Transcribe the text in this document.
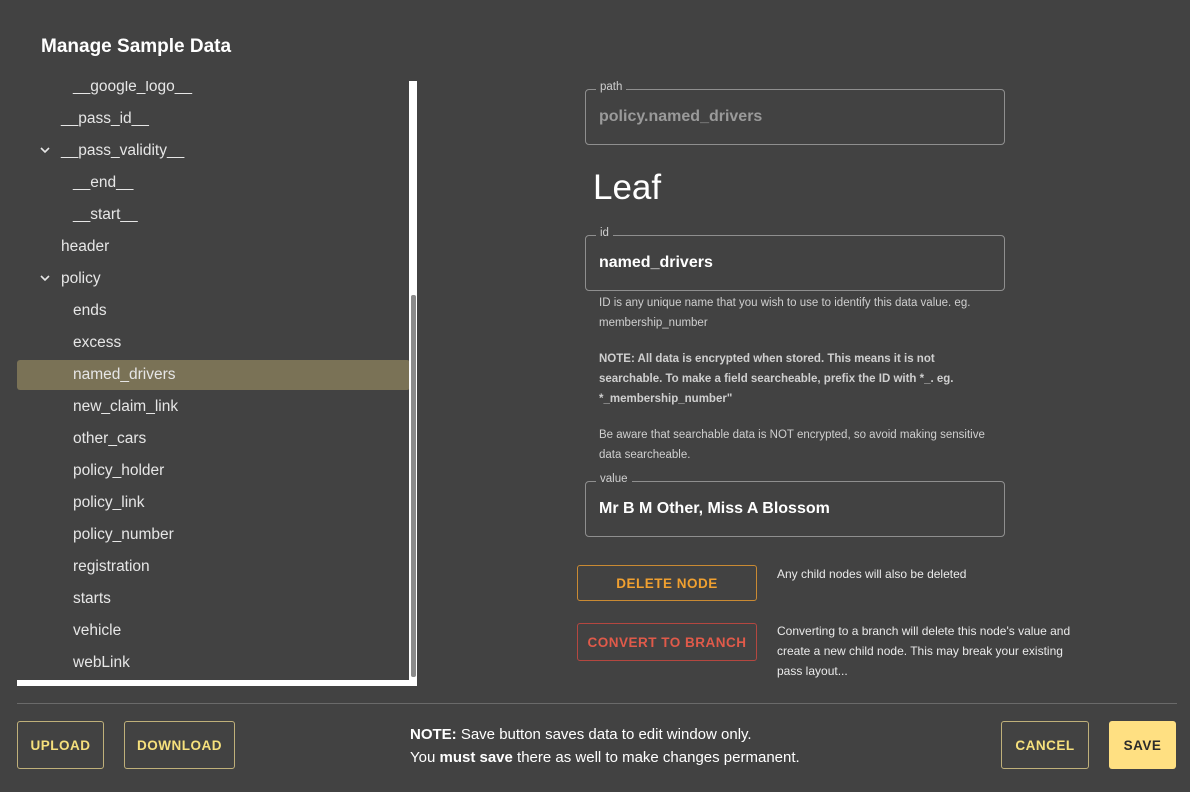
Manage Sample Data
__google_logo__
__pass_id__
__pass_validity__
__end__
__start__
header
policy
ends
excess
named_drivers
new_claim_link
other_cars
policy_holder
policy_link
policy_number
registration
starts
vehicle
webLink
path
policy.named_drivers
Leaf
id
named_drivers
ID is any unique name that you wish to use to identify this data value. eg. membership_number
NOTE: All data is encrypted when stored. This means it is not searchable. To make a field searcheable, prefix the ID with *_. eg. *_membership_number"
Be aware that searchable data is NOT encrypted, so avoid making sensitive data searcheable.
value
Mr B M Other, Miss A Blossom
DELETE NODE
Any child nodes will also be deleted
CONVERT TO BRANCH
Converting to a branch will delete this node's value and create a new child node. This may break your existing pass layout...
UPLOAD	DOWNLOAD
NOTE: Save button saves data to edit window only.
You must save there as well to make changes permanent.
CANCEL	SAVE
